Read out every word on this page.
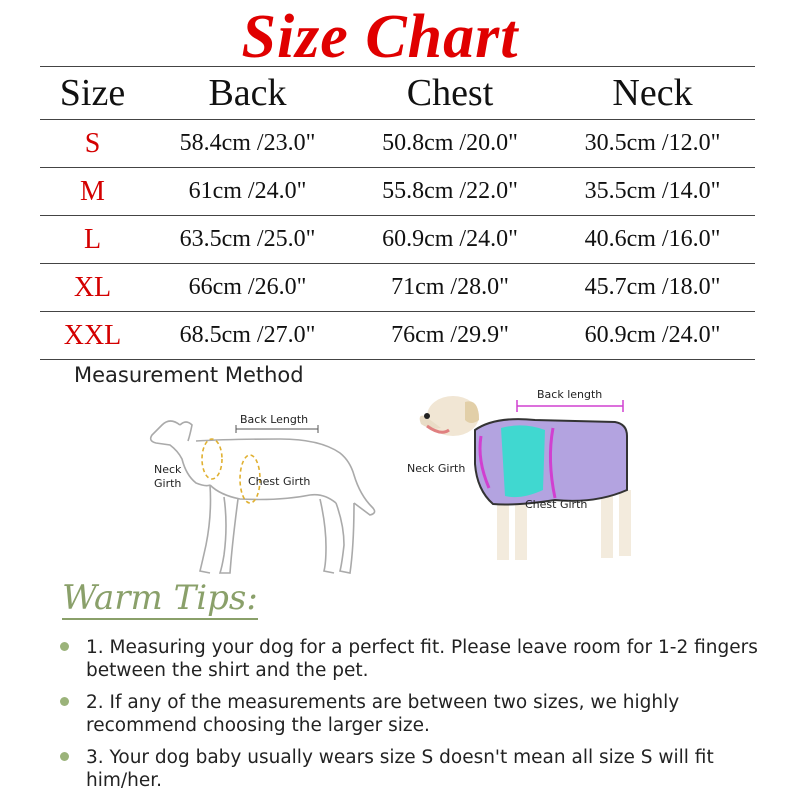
Size Chart
Size	Back	Chest	Neck
S	58.4cm /23.0"	50.8cm /20.0"	30.5cm /12.0"
M	61cm /24.0"	55.8cm /22.0"	35.5cm /14.0"
L	63.5cm /25.0"	60.9cm /24.0"	40.6cm /16.0"
XL	66cm /26.0"	71cm /28.0"	45.7cm /18.0"
XXL	68.5cm /27.0"	76cm /29.9"	60.9cm /24.0"
Measurement Method
Back Length
Neck
Girth	Chest Girth
Back length
Neck Girth
Chest Girth
Warm Tips:
1. Measuring your dog for a perfect fit. Please leave room for 1-2 fingers between the shirt and the pet.
2. If any of the measurements are between two sizes, we highly recommend choosing the larger size.
3. Your dog baby usually wears size S doesn't mean all size S will fit him/her.
